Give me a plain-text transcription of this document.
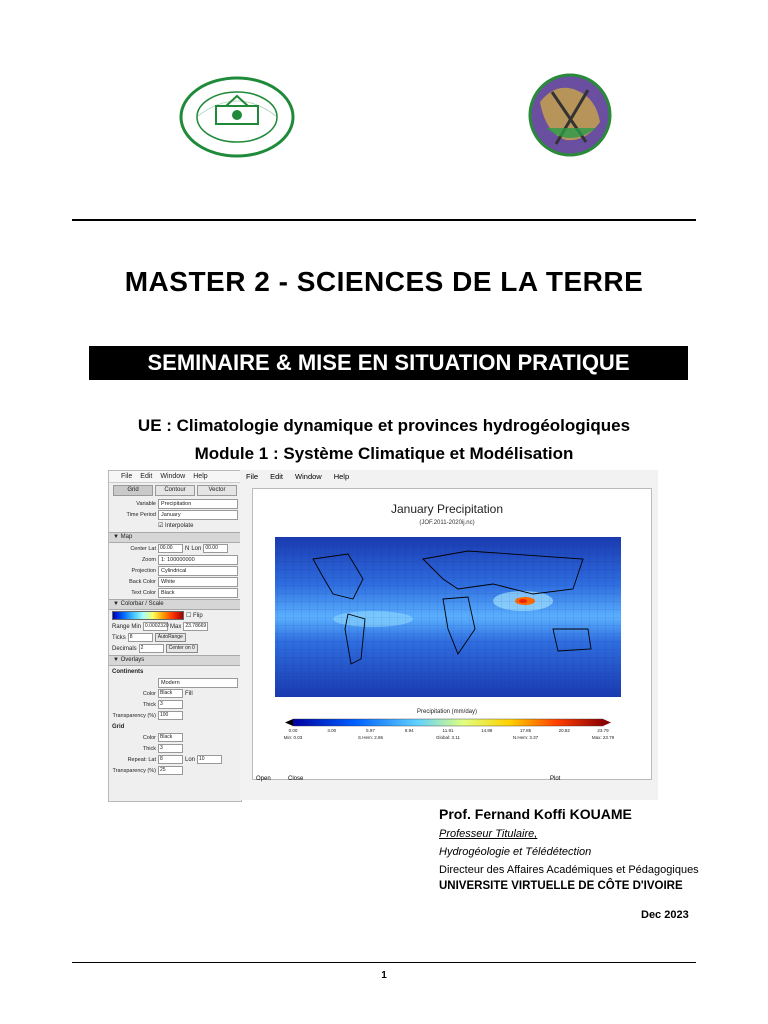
MASTER 2 - SCIENCES DE LA TERRE
SEMINAIRE & MISE EN SITUATION PRATIQUE
UE : Climatologie dynamique et provinces hydrogéologiques
Module 1 : Système Climatique et Modélisation
File Edit Window Help
Grid	Contour	Vector
Variable Precipitation
Time Period January
☑ Interpolate
▼ Map
Center Lat 00.00	N Lon 00.00
Zoom 1: 100000000
Projection Cylindrical
Back Color White
Text Color Black
▼ Colorbar / Scale
☐ Flip
Range Min 0.0002320 Max 23.78669
Ticks 8	AutoRange
Decimals 2	Center on 0
▼ Overlays
Continents
Modern
Color Black	Fill
Thick 3
Transparency (%) 100
Grid
Color Black
Thick 3
Repeat: Lat 8	Lon 10
Transparency (%) 25
File Edit Window Help
January Precipitation
(JOF.2011-2020ij.nc)
Precipitation (mm/day)
0.00	3.00	5.97	8.94	11.91	14.88	17.85	20.82	23.79
Min: 0.03	S.Hem: 2.86	Global: 3.11	N.Hem: 3.37	Max: 23.79
Open	Close	Plot
Prof. Fernand Koffi KOUAME
Professeur Titulaire,
Hydrogéologie et Télédétection
Directeur des Affaires Académiques et Pédagogiques
UNIVERSITE VIRTUELLE DE CÔTE D'IVOIRE
Dec 2023
1
